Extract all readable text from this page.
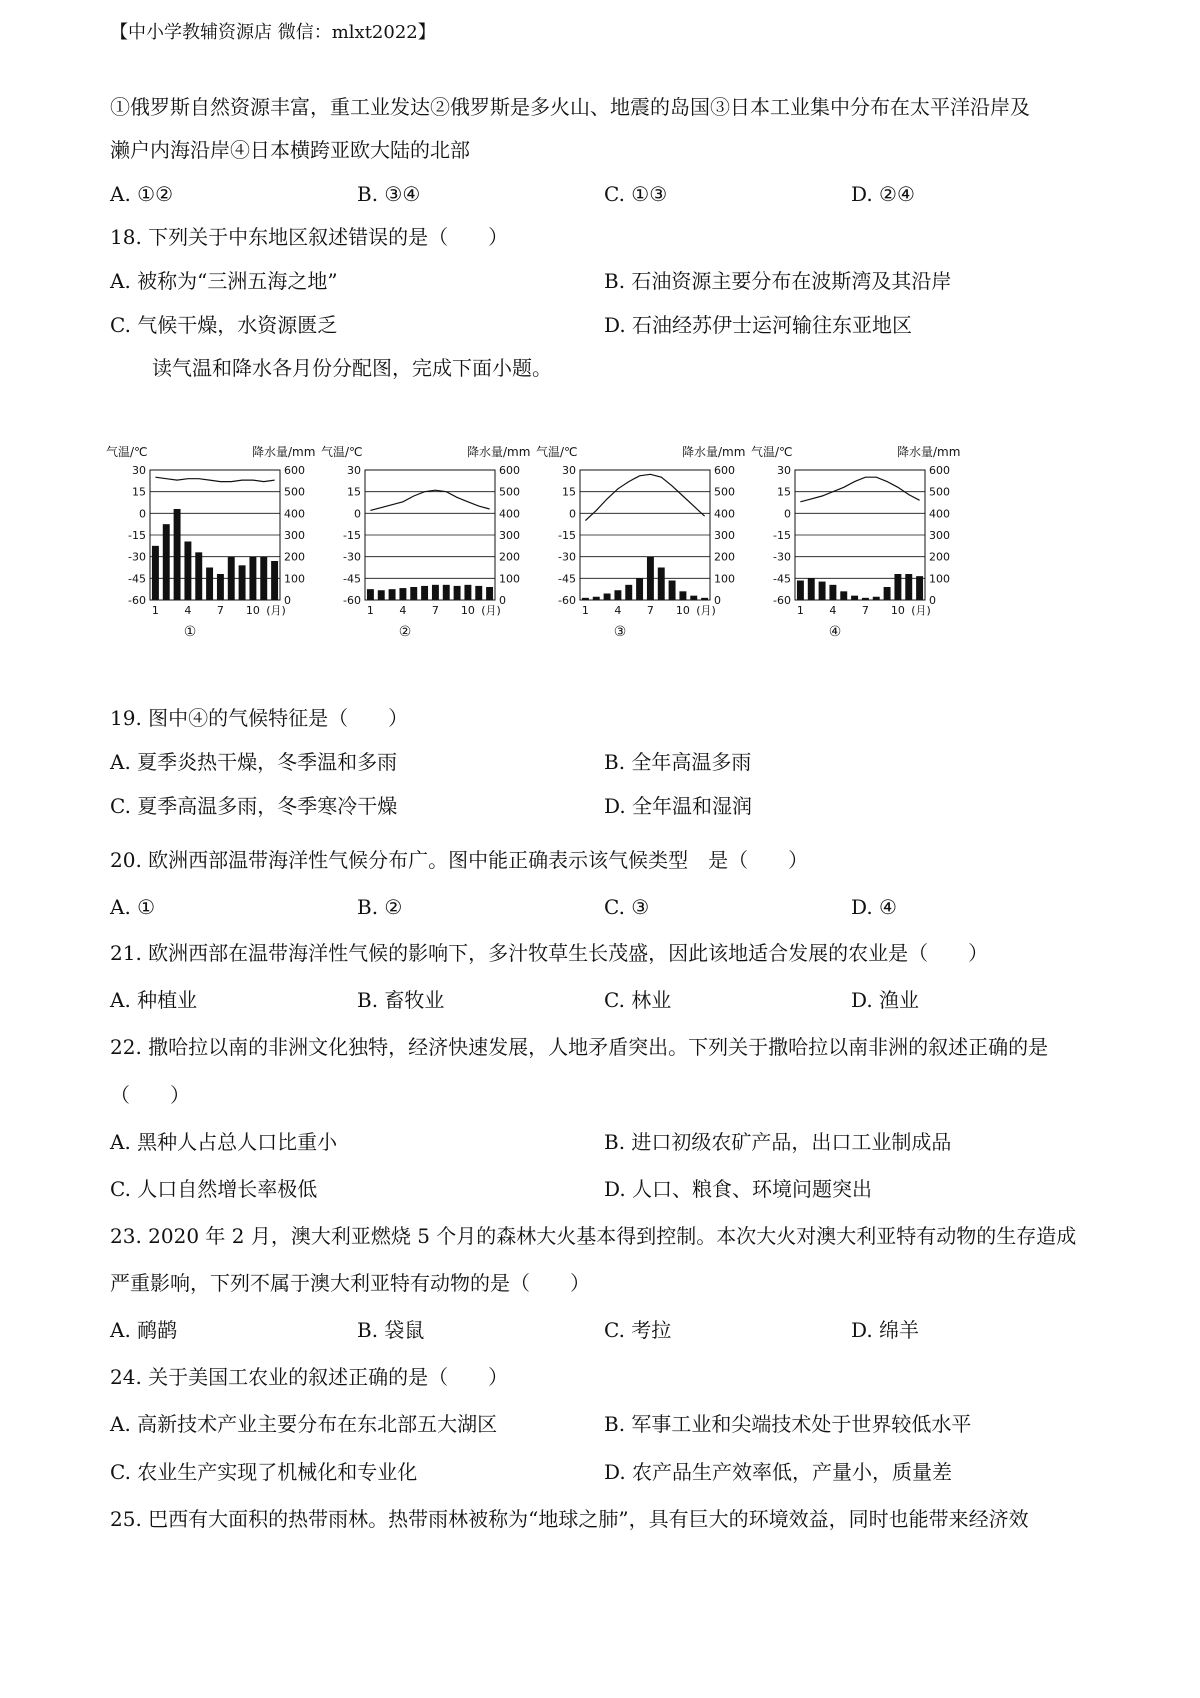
【中小学教辅资源店 微信：mlxt2022】
①俄罗斯自然资源丰富，重工业发达②俄罗斯是多火山、地震的岛国③日本工业集中分布在太平洋沿岸及
濑户内海沿岸④日本横跨亚欧大陆的北部
A. ①②	B. ③④	C. ①③	D. ②④
18. 下列关于中东地区叙述错误的是（　　）
A. 被称为“三洲五海之地”	B. 石油资源主要分布在波斯湾及其沿岸
C. 气候干燥，水资源匮乏	D. 石油经苏伊士运河输往东亚地区
读气温和降水各月份分配图，完成下面小题。
气温/℃	降水量/mm
30	600
15	500
0	400
-15	300
-30	200
-45	100
-60	0
1 4 7 10 (月)
①
气温/℃	降水量/mm
30	600
15	500
0	400
-15	300
-30	200
-45	100
-60	0
1 4 7 10 (月)
②
气温/℃	降水量/mm
30	600
15	500
0	400
-15	300
-30	200
-45	100
-60	0
1 4 7 10 (月)
③
气温/℃	降水量/mm
30	600
15	500
0	400
-15	300
-30	200
-45	100
-60	0
1 4 7 10 (月)
④
19. 图中④的气候特征是（　　）
A. 夏季炎热干燥，冬季温和多雨	B. 全年高温多雨
C. 夏季高温多雨，冬季寒冷干燥	D. 全年温和湿润
20. 欧洲西部温带海洋性气候分布广。图中能正确表示该气候类型　是（　　）
A. ①	B. ②	C. ③	D. ④
21. 欧洲西部在温带海洋性气候的影响下，多汁牧草生长茂盛，因此该地适合发展的农业是（　　）
A. 种植业	B. 畜牧业	C. 林业	D. 渔业
22. 撒哈拉以南的非洲文化独特，经济快速发展，人地矛盾突出。下列关于撒哈拉以南非洲的叙述正确的是
（　　）
A. 黑种人占总人口比重小	B. 进口初级农矿产品，出口工业制成品
C. 人口自然增长率极低	D. 人口、粮食、环境问题突出
23. 2020 年 2 月，澳大利亚燃烧 5 个月的森林大火基本得到控制。本次大火对澳大利亚特有动物的生存造成
严重影响，下列不属于澳大利亚特有动物的是（　　）
A. 鸸鹋	B. 袋鼠	C. 考拉	D. 绵羊
24. 关于美国工农业的叙述正确的是（　　）
A. 高新技术产业主要分布在东北部五大湖区	B. 军事工业和尖端技术处于世界较低水平
C. 农业生产实现了机械化和专业化	D. 农产品生产效率低，产量小，质量差
25. 巴西有大面积的热带雨林。热带雨林被称为“地球之肺”，具有巨大的环境效益，同时也能带来经济效
